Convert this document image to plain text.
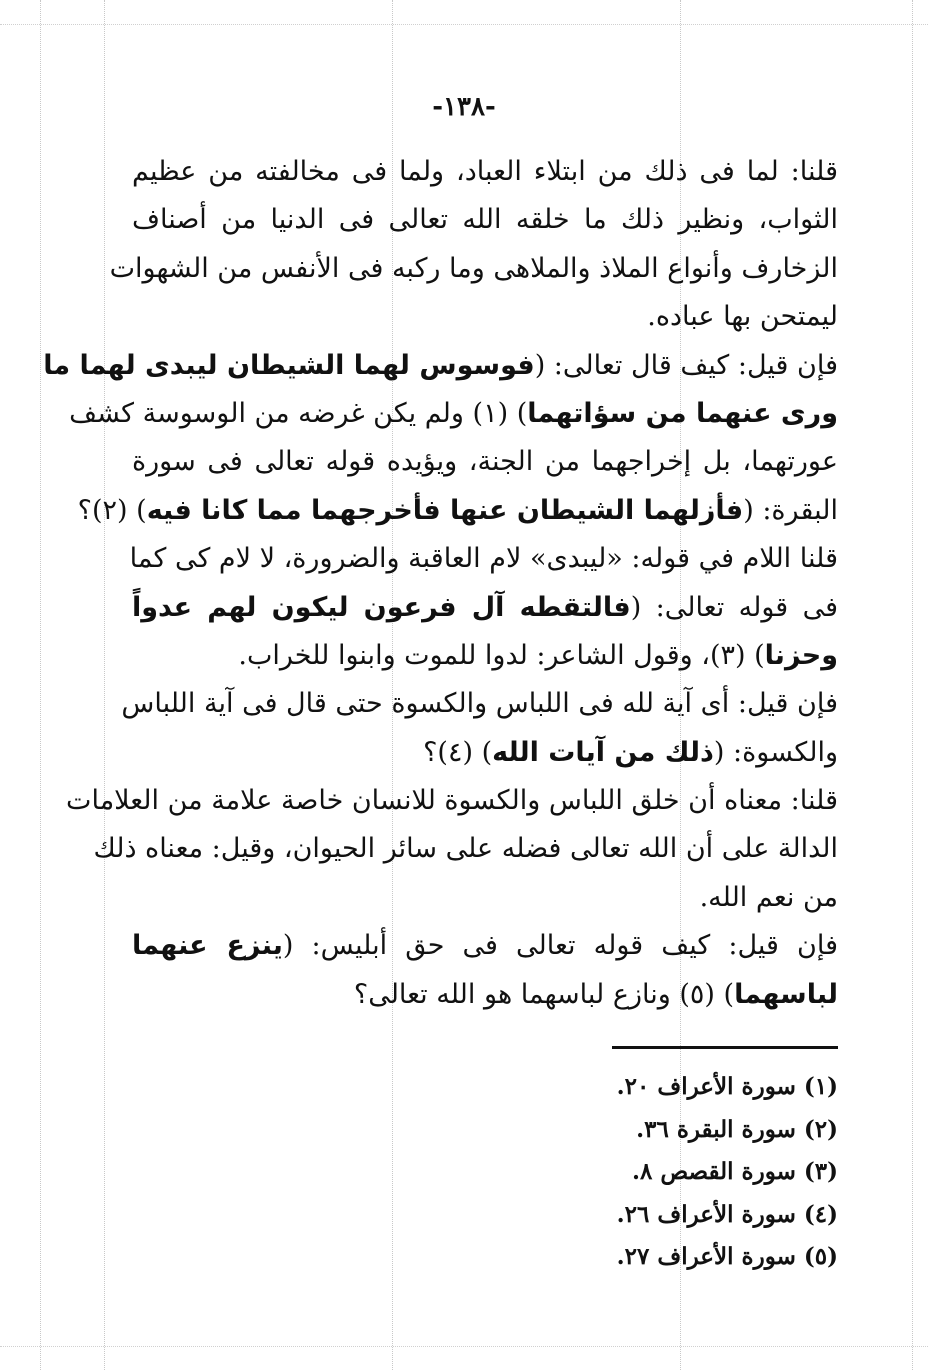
-١٣٨-
قلنا: لما فى ذلك من ابتلاء العباد، ولما فى مخالفته من عظيم
الثواب، ونظير ذلك ما خلقه الله تعالى فى الدنيا من أصناف
الزخارف وأنواع الملاذ والملاهى وما ركبه فى الأنفس من الشهوات
ليمتحن بها عباده.
فإن قيل: كيف قال تعالى: (فوسوس لهما الشيطان ليبدى لهما ما
ورى عنهما من سؤاتهما) (١) ولم يكن غرضه من الوسوسة كشف
عورتهما، بل إخراجهما من الجنة، ويؤيده قوله تعالى فى سورة
البقرة: (فأزلهما الشيطان عنها فأخرجهما مما كانا فيه) (٢)؟
قلنا اللام في قوله: «ليبدى» لام العاقبة والضرورة، لا لام كى كما
فى قوله تعالى: (فالتقطه آل فرعون ليكون لهم عدواً
وحزنا) (٣)، وقول الشاعر: لدوا للموت وابنوا للخراب.
فإن قيل: أى آية لله فى اللباس والكسوة حتى قال فى آية اللباس
والكسوة: (ذلك من آيات الله) (٤)؟
قلنا: معناه أن خلق اللباس والكسوة للانسان خاصة علامة من العلامات
الدالة على أن الله تعالى فضله على سائر الحيوان، وقيل: معناه ذلك
من نعم الله.
فإن قيل: كيف قوله تعالى فى حق أبليس: (ينزع عنهما
لباسهما) (٥) ونازع لباسهما هو الله تعالى؟
(١) سورة الأعراف ٢٠.
(٢) سورة البقرة ٣٦.
(٣) سورة القصص ٨.
(٤) سورة الأعراف ٢٦.
(٥) سورة الأعراف ٢٧.
